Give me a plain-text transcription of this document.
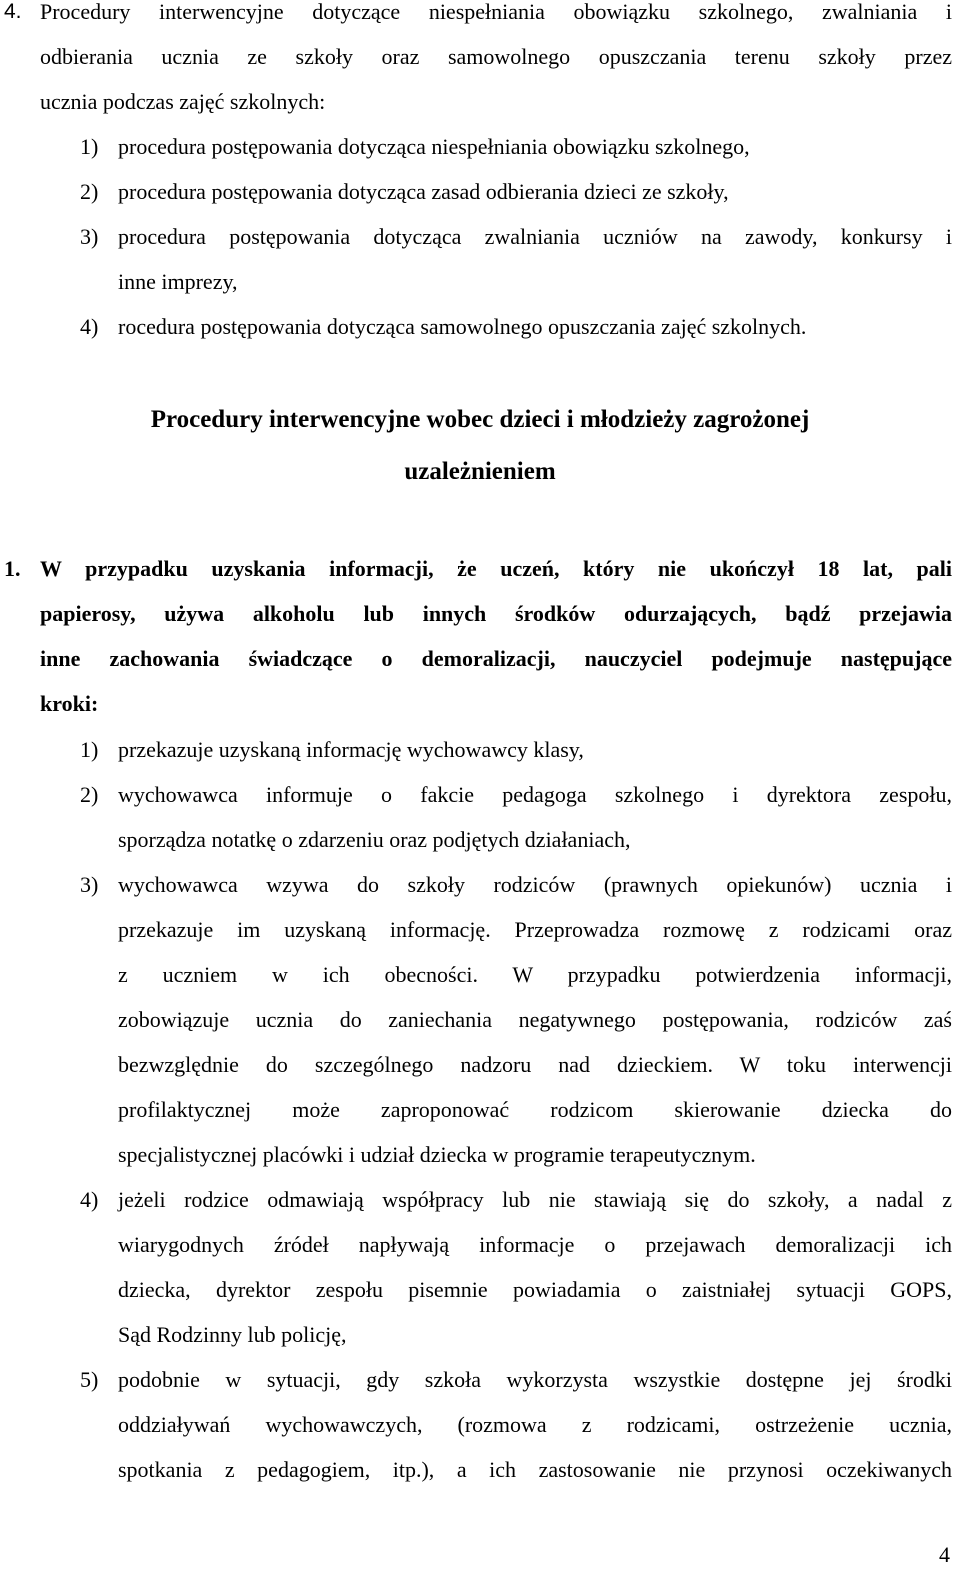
4. Procedury interwencyjne dotyczące niespełniania obowiązku szkolnego, zwalniania i
odbierania ucznia ze szkoły oraz samowolnego opuszczania terenu szkoły przez
ucznia podczas zajęć szkolnych:
1) procedura postępowania dotycząca niespełniania obowiązku szkolnego,
2) procedura postępowania dotycząca zasad odbierania dzieci ze szkoły,
3) procedura postępowania dotycząca zwalniania uczniów na zawody, konkursy i
inne imprezy,
4) rocedura postępowania dotycząca samowolnego opuszczania zajęć szkolnych.
Procedury interwencyjne wobec dzieci i młodzieży zagrożonej
uzależnieniem
1. W przypadku uzyskania informacji, że uczeń, który nie ukończył 18 lat, pali
papierosy, używa alkoholu lub innych środków odurzających, bądź przejawia
inne zachowania świadczące o demoralizacji, nauczyciel podejmuje następujące
kroki:
1) przekazuje uzyskaną informację wychowawcy klasy,
2) wychowawca informuje o fakcie pedagoga szkolnego i dyrektora zespołu,
sporządza notatkę o zdarzeniu oraz podjętych działaniach,
3) wychowawca wzywa do szkoły rodziców (prawnych opiekunów) ucznia i
przekazuje im uzyskaną informację. Przeprowadza rozmowę z rodzicami oraz
z uczniem w ich obecności. W przypadku potwierdzenia informacji,
zobowiązuje ucznia do zaniechania negatywnego postępowania, rodziców zaś
bezwzględnie do szczególnego nadzoru nad dzieckiem. W toku interwencji
profilaktycznej może zaproponować rodzicom skierowanie dziecka do
specjalistycznej placówki i udział dziecka w programie terapeutycznym.
4) jeżeli rodzice odmawiają współpracy lub nie stawiają się do szkoły, a nadal z
wiarygodnych źródeł napływają informacje o przejawach demoralizacji ich
dziecka, dyrektor zespołu pisemnie powiadamia o zaistniałej sytuacji GOPS,
Sąd Rodzinny lub policję,
5) podobnie w sytuacji, gdy szkoła wykorzysta wszystkie dostępne jej środki
oddziaływań wychowawczych, (rozmowa z rodzicami, ostrzeżenie ucznia,
spotkania z pedagogiem, itp.), a ich zastosowanie nie przynosi oczekiwanych
4
